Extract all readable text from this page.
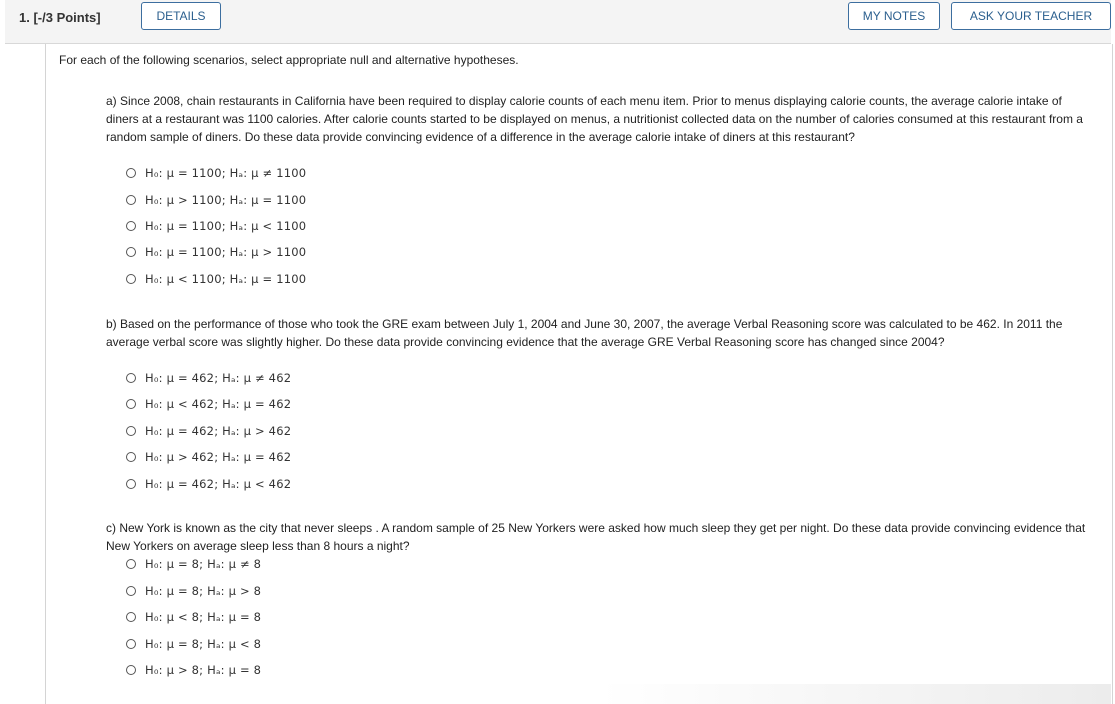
1. [-/3 Points]	DETAILS	MY NOTES	ASK YOUR TEACHER
For each of the following scenarios, select appropriate null and alternative hypotheses.
a) Since 2008, chain restaurants in California have been required to display calorie counts of each menu item. Prior to menus displaying calorie counts, the average calorie intake of diners at a restaurant was 1100 calories. After calorie counts started to be displayed on menus, a nutritionist collected data on the number of calories consumed at this restaurant from a random sample of diners. Do these data provide convincing evidence of a difference in the average calorie intake of diners at this restaurant?
H₀: μ = 1100; Hₐ: μ ≠ 1100
H₀: μ > 1100; Hₐ: μ = 1100
H₀: μ = 1100; Hₐ: μ < 1100
H₀: μ = 1100; Hₐ: μ > 1100
H₀: μ < 1100; Hₐ: μ = 1100
b) Based on the performance of those who took the GRE exam between July 1, 2004 and June 30, 2007, the average Verbal Reasoning score was calculated to be 462. In 2011 the average verbal score was slightly higher. Do these data provide convincing evidence that the average GRE Verbal Reasoning score has changed since 2004?
H₀: μ = 462; Hₐ: μ ≠ 462
H₀: μ < 462; Hₐ: μ = 462
H₀: μ = 462; Hₐ: μ > 462
H₀: μ > 462; Hₐ: μ = 462
H₀: μ = 462; Hₐ: μ < 462
c) New York is known as the city that never sleeps . A random sample of 25 New Yorkers were asked how much sleep they get per night. Do these data provide convincing evidence that New Yorkers on average sleep less than 8 hours a night?
H₀: μ = 8; Hₐ: μ ≠ 8
H₀: μ = 8; Hₐ: μ > 8
H₀: μ < 8; Hₐ: μ = 8
H₀: μ = 8; Hₐ: μ < 8
H₀: μ > 8; Hₐ: μ = 8
